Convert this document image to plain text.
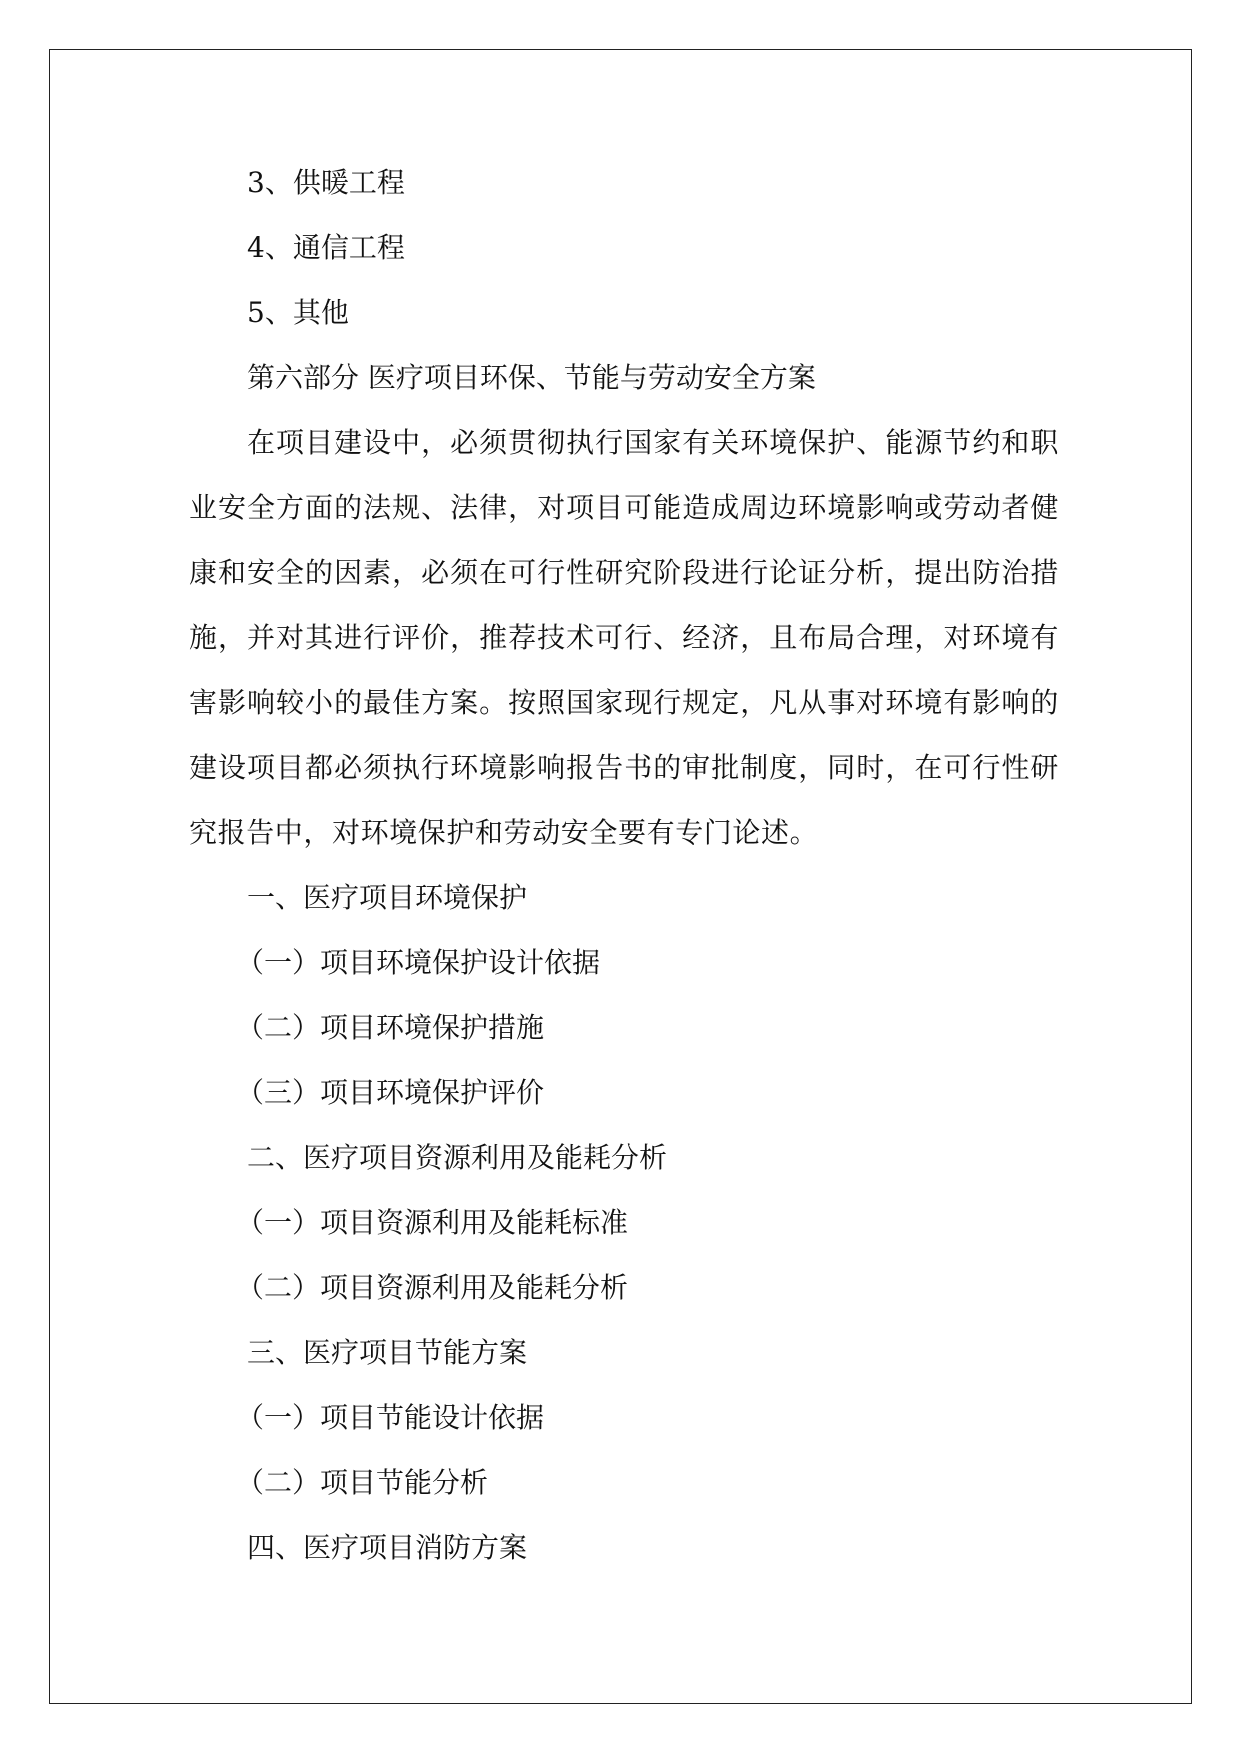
3、供暖工程
4、通信工程
5、其他
第六部分 医疗项目环保、节能与劳动安全方案
在项目建设中，必须贯彻执行国家有关环境保护、能源节约和职业安全方面的法规、法律，对项目可能造成周边环境影响或劳动者健康和安全的因素，必须在可行性研究阶段进行论证分析，提出防治措施，并对其进行评价，推荐技术可行、经济，且布局合理，对环境有害影响较小的最佳方案。按照国家现行规定，凡从事对环境有影响的建设项目都必须执行环境影响报告书的审批制度，同时，在可行性研究报告中，对环境保护和劳动安全要有专门论述。
一、医疗项目环境保护
（一）项目环境保护设计依据
（二）项目环境保护措施
（三）项目环境保护评价
二、医疗项目资源利用及能耗分析
（一）项目资源利用及能耗标准
（二）项目资源利用及能耗分析
三、医疗项目节能方案
（一）项目节能设计依据
（二）项目节能分析
四、医疗项目消防方案
